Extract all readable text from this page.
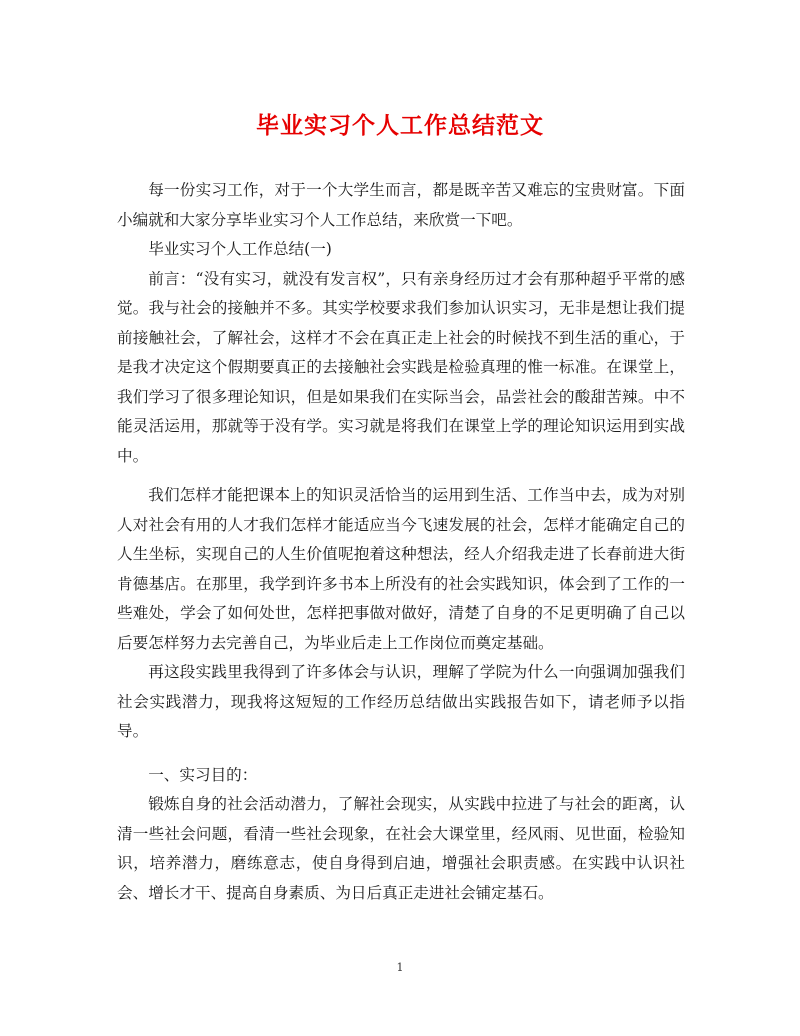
毕业实习个人工作总结范文

每一份实习工作，对于一个大学生而言，都是既辛苦又难忘的宝贵财富。下面小编就和大家分享毕业实习个人工作总结，来欣赏一下吧。

毕业实习个人工作总结(一)

前言：“没有实习，就没有发言权”，只有亲身经历过才会有那种超乎平常的感觉。我与社会的接触并不多。其实学校要求我们参加认识实习，无非是想让我们提前接触社会，了解社会，这样才不会在真正走上社会的时候找不到生活的重心，于是我才决定这个假期要真正的去接触社会实践是检验真理的惟一标准。在课堂上，我们学习了很多理论知识，但是如果我们在实际当会，品尝社会的酸甜苦辣。中不能灵活运用，那就等于没有学。实习就是将我们在课堂上学的理论知识运用到实战中。

我们怎样才能把课本上的知识灵活恰当的运用到生活、工作当中去，成为对别人对社会有用的人才我们怎样才能适应当今飞速发展的社会，怎样才能确定自己的人生坐标，实现自己的人生价值呢抱着这种想法，经人介绍我走进了长春前进大街肯德基店。在那里，我学到许多书本上所没有的社会实践知识，体会到了工作的一些难处，学会了如何处世，怎样把事做对做好，清楚了自身的不足更明确了自己以后要怎样努力去完善自己，为毕业后走上工作岗位而奠定基础。

再这段实践里我得到了许多体会与认识，理解了学院为什么一向强调加强我们社会实践潜力，现我将这短短的工作经历总结做出实践报告如下，请老师予以指导。

一、实习目的：

锻炼自身的社会活动潜力，了解社会现实，从实践中拉进了与社会的距离，认清一些社会问题，看清一些社会现象，在社会大课堂里，经风雨、见世面，检验知识，培养潜力，磨练意志，使自身得到启迪，增强社会职责感。在实践中认识社会、增长才干、提高自身素质、为日后真正走进社会铺定基石。

1
